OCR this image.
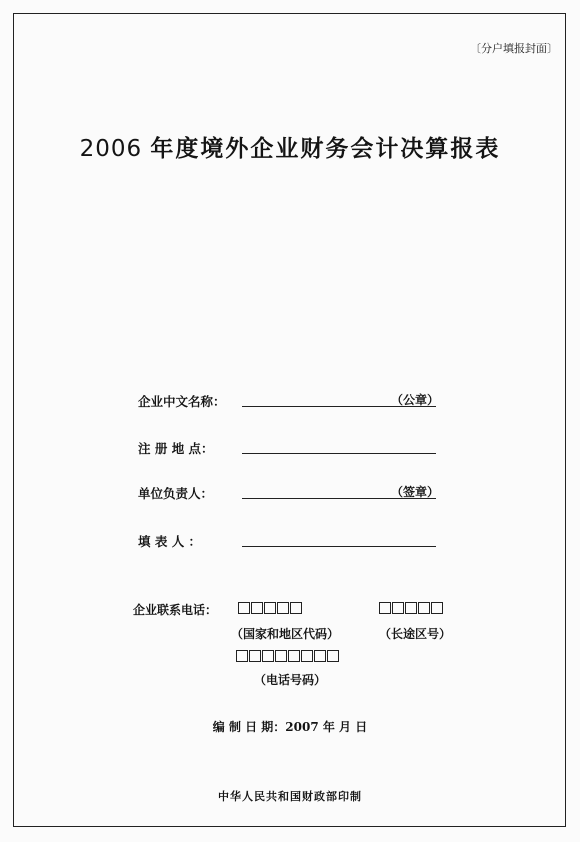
〔分户填报封面〕
2006 年度境外企业财务会计决算报表
企业中文名称：	（公章）
注 册 地 点：
单位负责人：	（签章）
填 表 人 ：
企业联系电话：
（国家和地区代码）	（长途区号）
（电话号码）
编 制 日 期：2007 年 月 日
中华人民共和国财政部印制
